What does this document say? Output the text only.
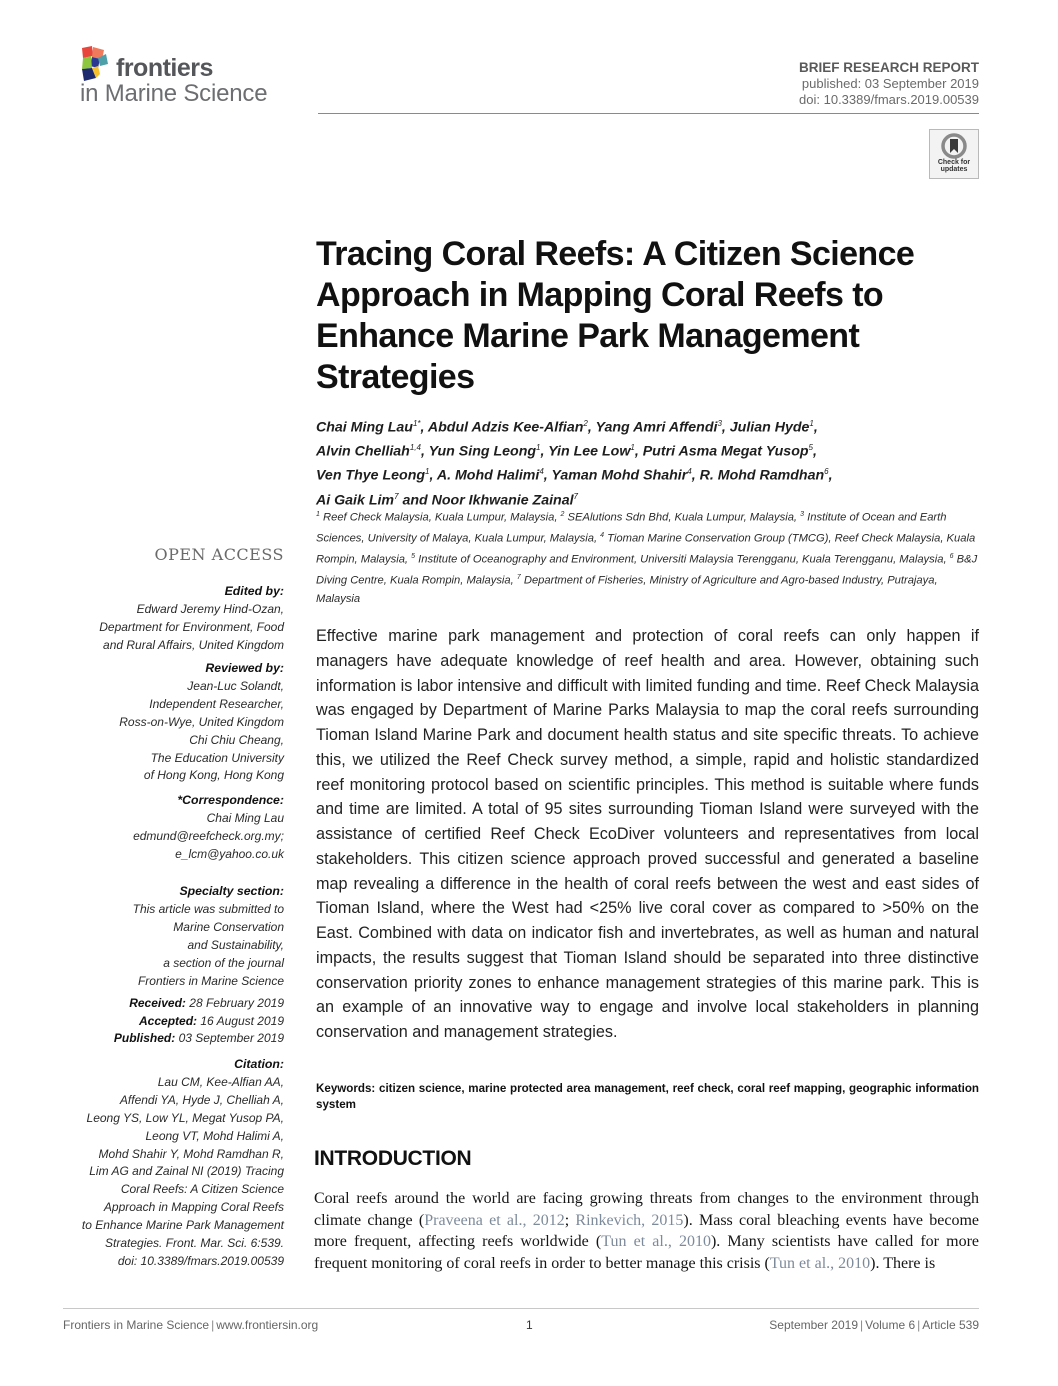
frontiers
in Marine Science
BRIEF RESEARCH REPORT
published: 03 September 2019
doi: 10.3389/fmars.2019.00539
Check for
updates
Tracing Coral Reefs: A Citizen Science Approach in Mapping Coral Reefs to Enhance Marine Park Management Strategies
Chai Ming Lau$^{1*}$, Abdul Adzis Kee-Alfian$^2$, Yang Amri Affendi$^3$, Julian Hyde$^1$,
Alvin Chelliah$^{1,4}$, Yun Sing Leong$^1$, Yin Lee Low$^1$, Putri Asma Megat Yusop$^5$,
Ven Thye Leong$^1$, A. Mohd Halimi$^4$, Yaman Mohd Shahir$^4$, R. Mohd Ramdhan$^6$,
Ai Gaik Lim$^7$ and Noor Ikhwanie Zainal$^7$
$^1$ Reef Check Malaysia, Kuala Lumpur, Malaysia, $^2$ SEAlutions Sdn Bhd, Kuala Lumpur, Malaysia, $^3$ Institute of Ocean and Earth Sciences, University of Malaya, Kuala Lumpur, Malaysia, $^4$ Tioman Marine Conservation Group (TMCG), Reef Check Malaysia, Kuala Rompin, Malaysia, $^5$ Institute of Oceanography and Environment, Universiti Malaysia Terengganu, Kuala Terengganu, Malaysia, $^6$ B&J Diving Centre, Kuala Rompin, Malaysia, $^7$ Department of Fisheries, Ministry of Agriculture and Agro-based Industry, Putrajaya, Malaysia
OPEN ACCESS
Edited by:
Edward Jeremy Hind-Ozan,
Department for Environment, Food
and Rural Affairs, United Kingdom
Reviewed by:
Jean-Luc Solandt,
Independent Researcher,
Ross-on-Wye, United Kingdom
Chi Chiu Cheang,
The Education University
of Hong Kong, Hong Kong
*Correspondence:
Chai Ming Lau
edmund@reefcheck.org.my;
e_lcm@yahoo.co.uk
Specialty section:
This article was submitted to
Marine Conservation
and Sustainability,
a section of the journal
Frontiers in Marine Science
Received: 28 February 2019
Accepted: 16 August 2019
Published: 03 September 2019
Citation:
Lau CM, Kee-Alfian AA,
Affendi YA, Hyde J, Chelliah A,
Leong YS, Low YL, Megat Yusop PA,
Leong VT, Mohd Halimi A,
Mohd Shahir Y, Mohd Ramdhan R,
Lim AG and Zainal NI (2019) Tracing
Coral Reefs: A Citizen Science
Approach in Mapping Coral Reefs
to Enhance Marine Park Management
Strategies. Front. Mar. Sci. 6:539.
doi: 10.3389/fmars.2019.00539

Effective marine park management and protection of coral reefs can only happen if managers have adequate knowledge of reef health and area. However, obtaining such information is labor intensive and difficult with limited funding and time. Reef Check Malaysia was engaged by Department of Marine Parks Malaysia to map the coral reefs surrounding Tioman Island Marine Park and document health status and site specific threats. To achieve this, we utilized the Reef Check survey method, a simple, rapid and holistic standardized reef monitoring protocol based on scientific principles. This method is suitable where funds and time are limited. A total of 95 sites surrounding Tioman Island were surveyed with the assistance of certified Reef Check EcoDiver volunteers and representatives from local stakeholders. This citizen science approach proved successful and generated a baseline map revealing a difference in the health of coral reefs between the west and east sides of Tioman Island, where the West had <25% live coral cover as compared to >50% on the East. Combined with data on indicator fish and invertebrates, as well as human and natural impacts, the results suggest that Tioman Island should be separated into three distinctive conservation priority zones to enhance management strategies of this marine park. This is an example of an innovative way to engage and involve local stakeholders in planning conservation and management strategies.

Keywords: citizen science, marine protected area management, reef check, coral reef mapping, geographic information system

INTRODUCTION

Coral reefs around the world are facing growing threats from changes to the environment through climate change (Praveena et al., 2012; Rinkevich, 2015). Mass coral bleaching events have become more frequent, affecting reefs worldwide (Tun et al., 2010). Many scientists have called for more frequent monitoring of coral reefs in order to better manage this crisis (Tun et al., 2010). There is

Frontiers in Marine Science | www.frontiersin.org	1	September 2019 | Volume 6 | Article 539
